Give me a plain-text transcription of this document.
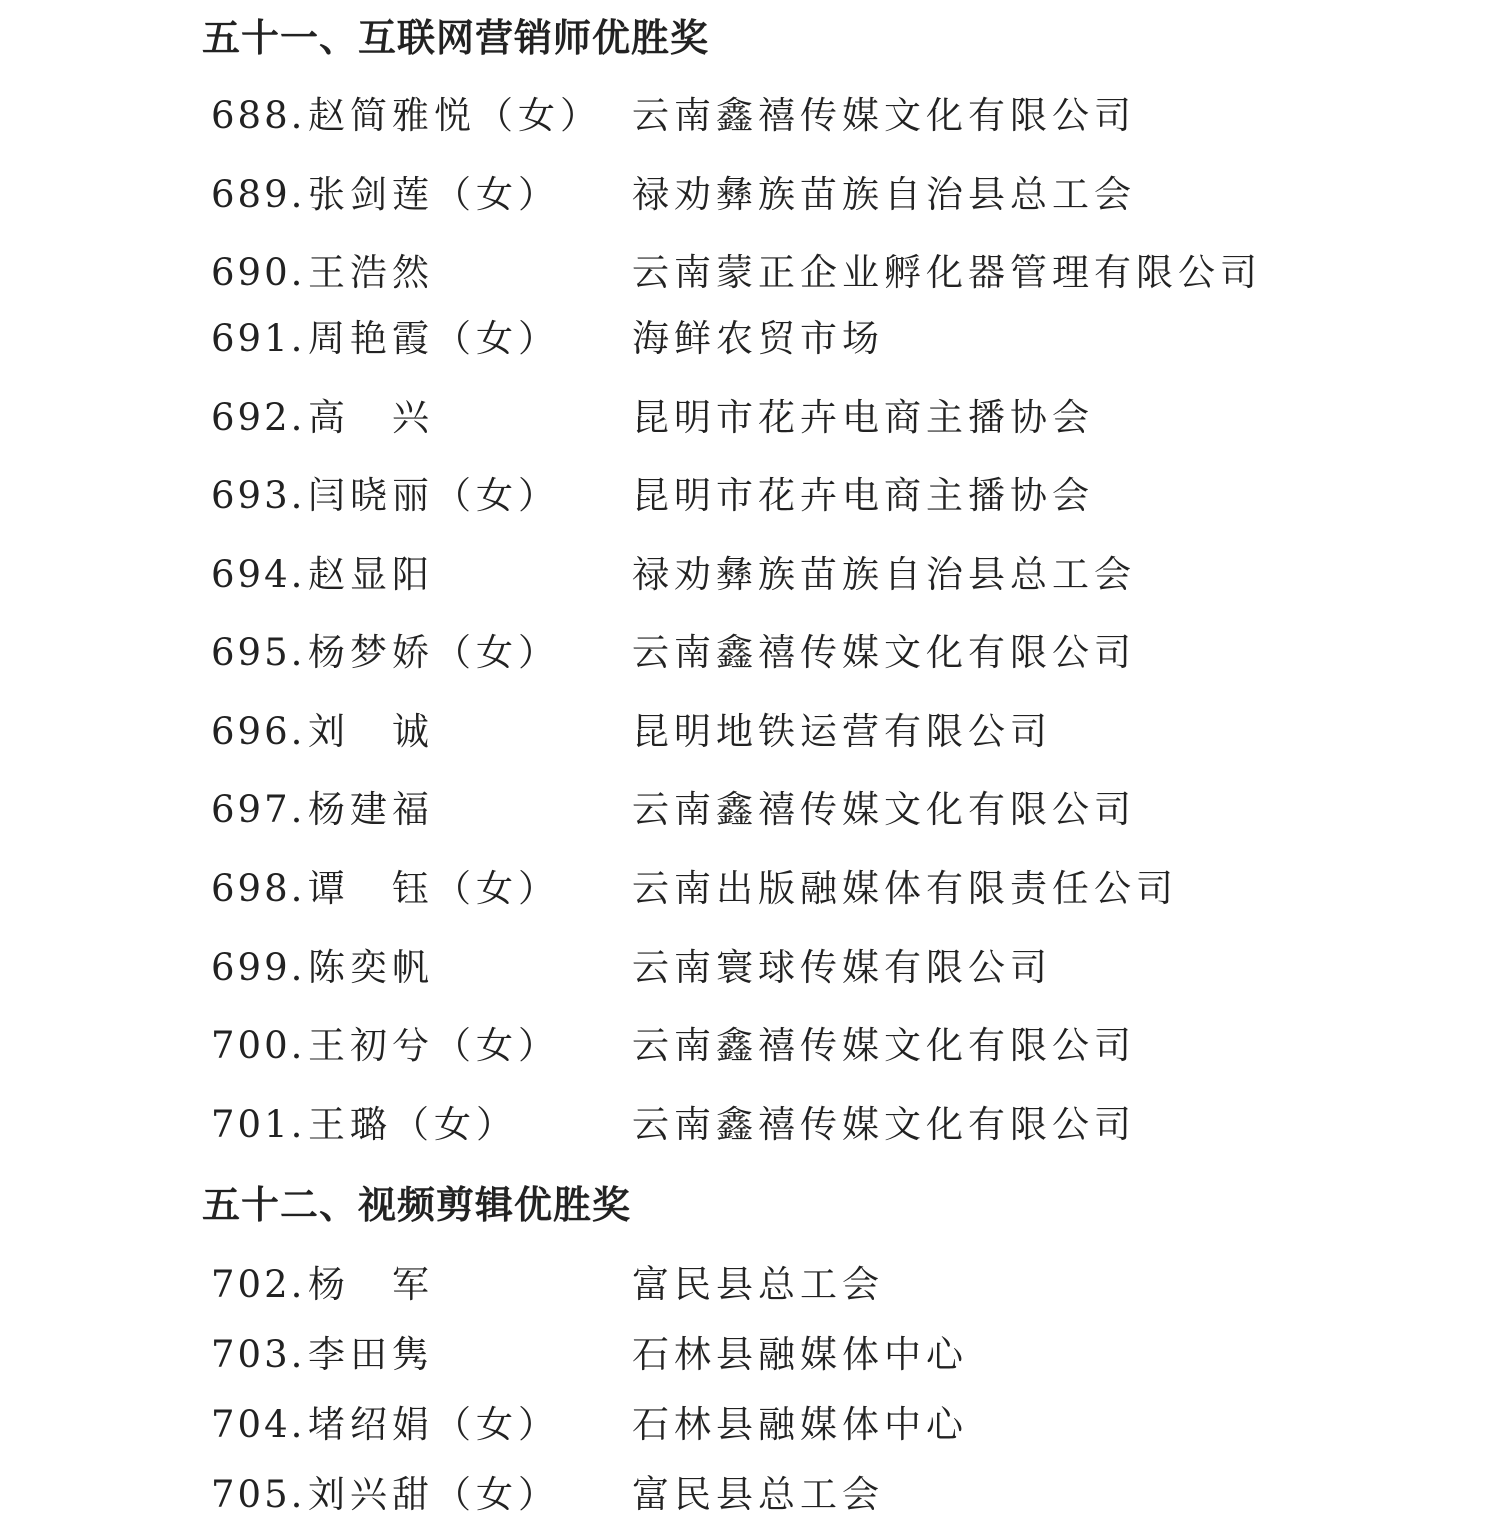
五十一、互联网营销师优胜奖
688. 赵简雅悦（女） 云南鑫禧传媒文化有限公司
689. 张剑莲（女） 禄劝彝族苗族自治县总工会
690. 王浩然	云南蒙正企业孵化器管理有限公司
691. 周艳霞（女） 海鲜农贸市场
692. 高　兴	昆明市花卉电商主播协会
693. 闫晓丽（女） 昆明市花卉电商主播协会
694. 赵显阳	禄劝彝族苗族自治县总工会
695. 杨梦娇（女） 云南鑫禧传媒文化有限公司
696. 刘　诚	昆明地铁运营有限公司
697. 杨建福	云南鑫禧传媒文化有限公司
698. 谭　钰（女） 云南出版融媒体有限责任公司
699. 陈奕帆	云南寰球传媒有限公司
700. 王初兮（女） 云南鑫禧传媒文化有限公司
701. 王璐（女）	云南鑫禧传媒文化有限公司
五十二、视频剪辑优胜奖
702. 杨　军	富民县总工会
703. 李田隽	石林县融媒体中心
704. 堵绍娟（女） 石林县融媒体中心
705. 刘兴甜（女） 富民县总工会
